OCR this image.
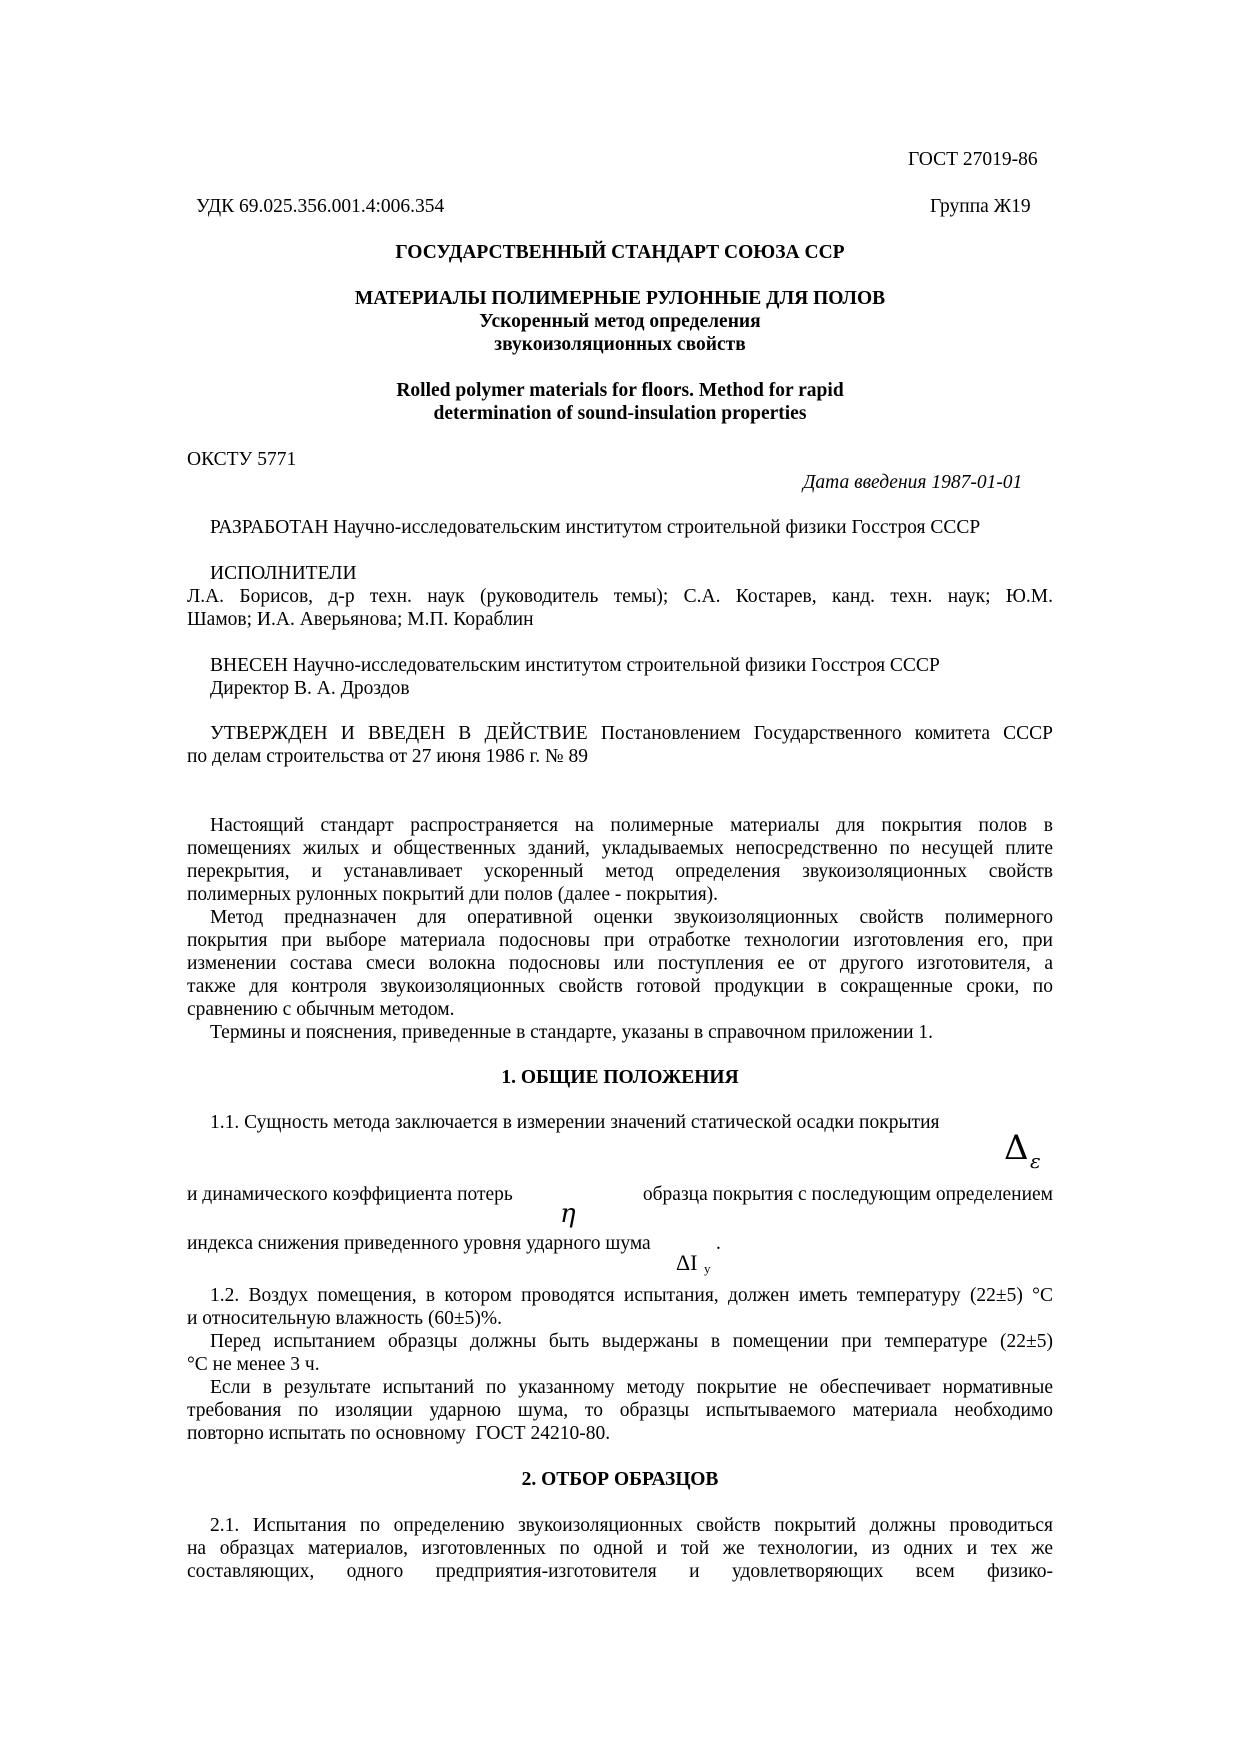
ГОСТ 27019-86
УДК 69.025.356.001.4:006.354	Группа Ж19
ГОСУДАРСТВЕННЫЙ СТАНДАРТ СОЮЗА ССР
МАТЕРИАЛЫ ПОЛИМЕРНЫЕ РУЛОННЫЕ ДЛЯ ПОЛОВ
Ускоренный метод определения
звукоизоляционных свойств
Rolled polymer materials for floors. Method for rapid
determination of sound-insulation properties
ОКСТУ 5771
Дата введения 1987-01-01
РАЗРАБОТАН Научно-исследовательским институтом строительной физики Госстроя СССР
ИСПОЛНИТЕЛИ
Л.А. Борисов, д-р техн. наук (руководитель темы); С.А. Костарев, канд. техн. наук; Ю.М.
Шамов; И.А. Аверьянова; М.П. Кораблин
ВНЕСЕН Научно-исследовательским институтом строительной физики Госстроя СССР
Директор В. А. Дроздов
УТВЕРЖДЕН И ВВЕДЕН В ДЕЙСТВИЕ Постановлением Государственного комитета СССР
по делам строительства от 27 июня 1986 г. № 89
Настоящий стандарт распространяется на полимерные материалы для покрытия полов в
помещениях жилых и общественных зданий, укладываемых непосредственно по несущей плите
перекрытия, и устанавливает ускоренный метод определения звукоизоляционных свойств
полимерных рулонных покрытий дли полов (далее - покрытия).
Метод предназначен для оперативной оценки звукоизоляционных свойств полимерного
покрытия при выборе материала подосновы при отработке технологии изготовления его, при
изменении состава смеси волокна подосновы или поступления ее от другого изготовителя, а
также для контроля звукоизоляционных свойств готовой продукции в сокращенные сроки, по
сравнению с обычным методом.
Термины и пояснения, приведенные в стандарте, указаны в справочном приложении 1.
1. ОБЩИЕ ПОЛОЖЕНИЯ
1.1. Сущность метода заключается в измерении значений статической осадки покрытия
Δ ε
и динамического коэффициента потерь
η
образца покрытия с последующим определением
индекса снижения приведенного уровня ударного шума	.
ΔI у
1.2. Воздух помещения, в котором проводятся испытания, должен иметь температуру (22±5) °С
и относительную влажность (60±5)%.
Перед испытанием образцы должны быть выдержаны в помещении при температуре (22±5)
°С не менее 3 ч.
Если в результате испытаний по указанному методу покрытие не обеспечивает нормативные
требования по изоляции ударною шума, то образцы испытываемого материала необходимо
повторно испытать по основному  ГОСТ 24210-80.
2. ОТБОР ОБРАЗЦОВ
2.1. Испытания по определению звукоизоляционных свойств покрытий должны проводиться
на образцах материалов, изготовленных по одной и той же технологии, из одних и тех же
составляющих, одного предприятия-изготовителя и удовлетворяющих всем физико-
